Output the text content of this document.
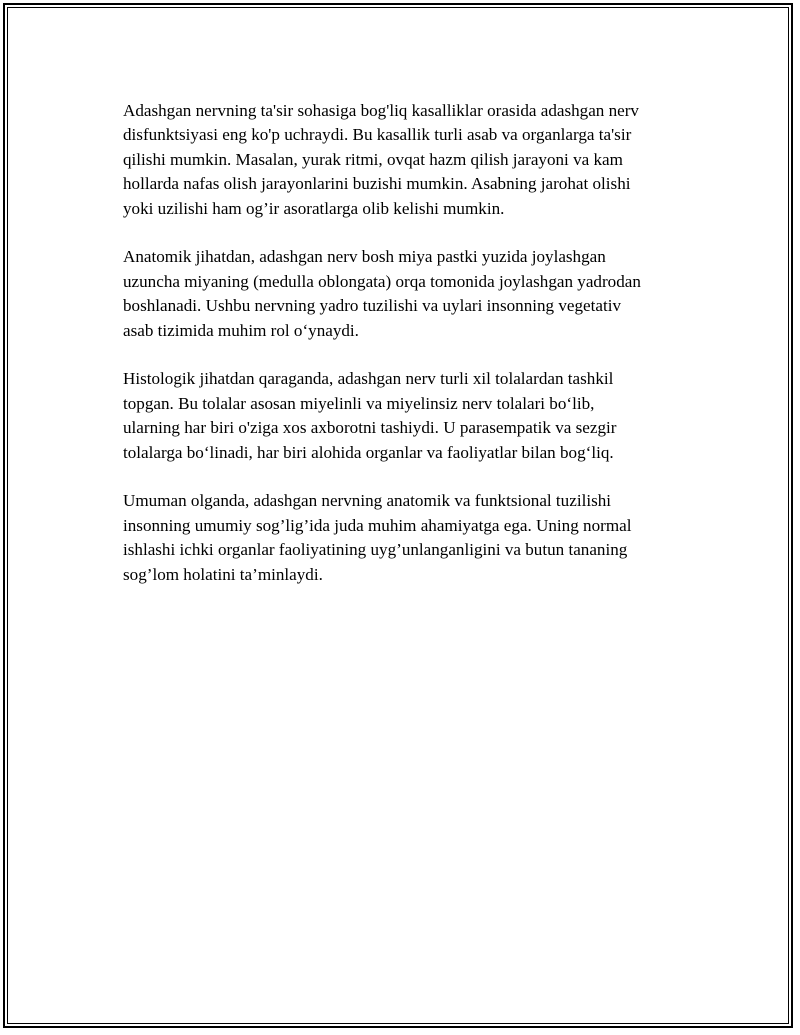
Adashgan nervning ta'sir sohasiga bog'liq kasalliklar orasida adashgan nerv
disfunktsiyasi eng ko'p uchraydi. Bu kasallik turli asab va organlarga ta'sir
qilishi mumkin. Masalan, yurak ritmi, ovqat hazm qilish jarayoni va kam
hollarda nafas olish jarayonlarini buzishi mumkin. Asabning jarohat olishi
yoki uzilishi ham og’ir asoratlarga olib kelishi mumkin.

Anatomik jihatdan, adashgan nerv bosh miya pastki yuzida joylashgan
uzuncha miyaning (medulla oblongata) orqa tomonida joylashgan yadrodan
boshlanadi. Ushbu nervning yadro tuzilishi va uylari insonning vegetativ
asab tizimida muhim rol o‘ynaydi.

Histologik jihatdan qaraganda, adashgan nerv turli xil tolalardan tashkil
topgan. Bu tolalar asosan miyelinli va miyelinsiz nerv tolalari bo‘lib,
ularning har biri o'ziga xos axborotni tashiydi. U parasempatik va sezgir
tolalarga bo‘linadi, har biri alohida organlar va faoliyatlar bilan bog‘liq.

Umuman olganda, adashgan nervning anatomik va funktsional tuzilishi
insonning umumiy sog’lig’ida juda muhim ahamiyatga ega. Uning normal
ishlashi ichki organlar faoliyatining uyg’unlanganligini va butun tananing
sog’lom holatini ta’minlaydi.
